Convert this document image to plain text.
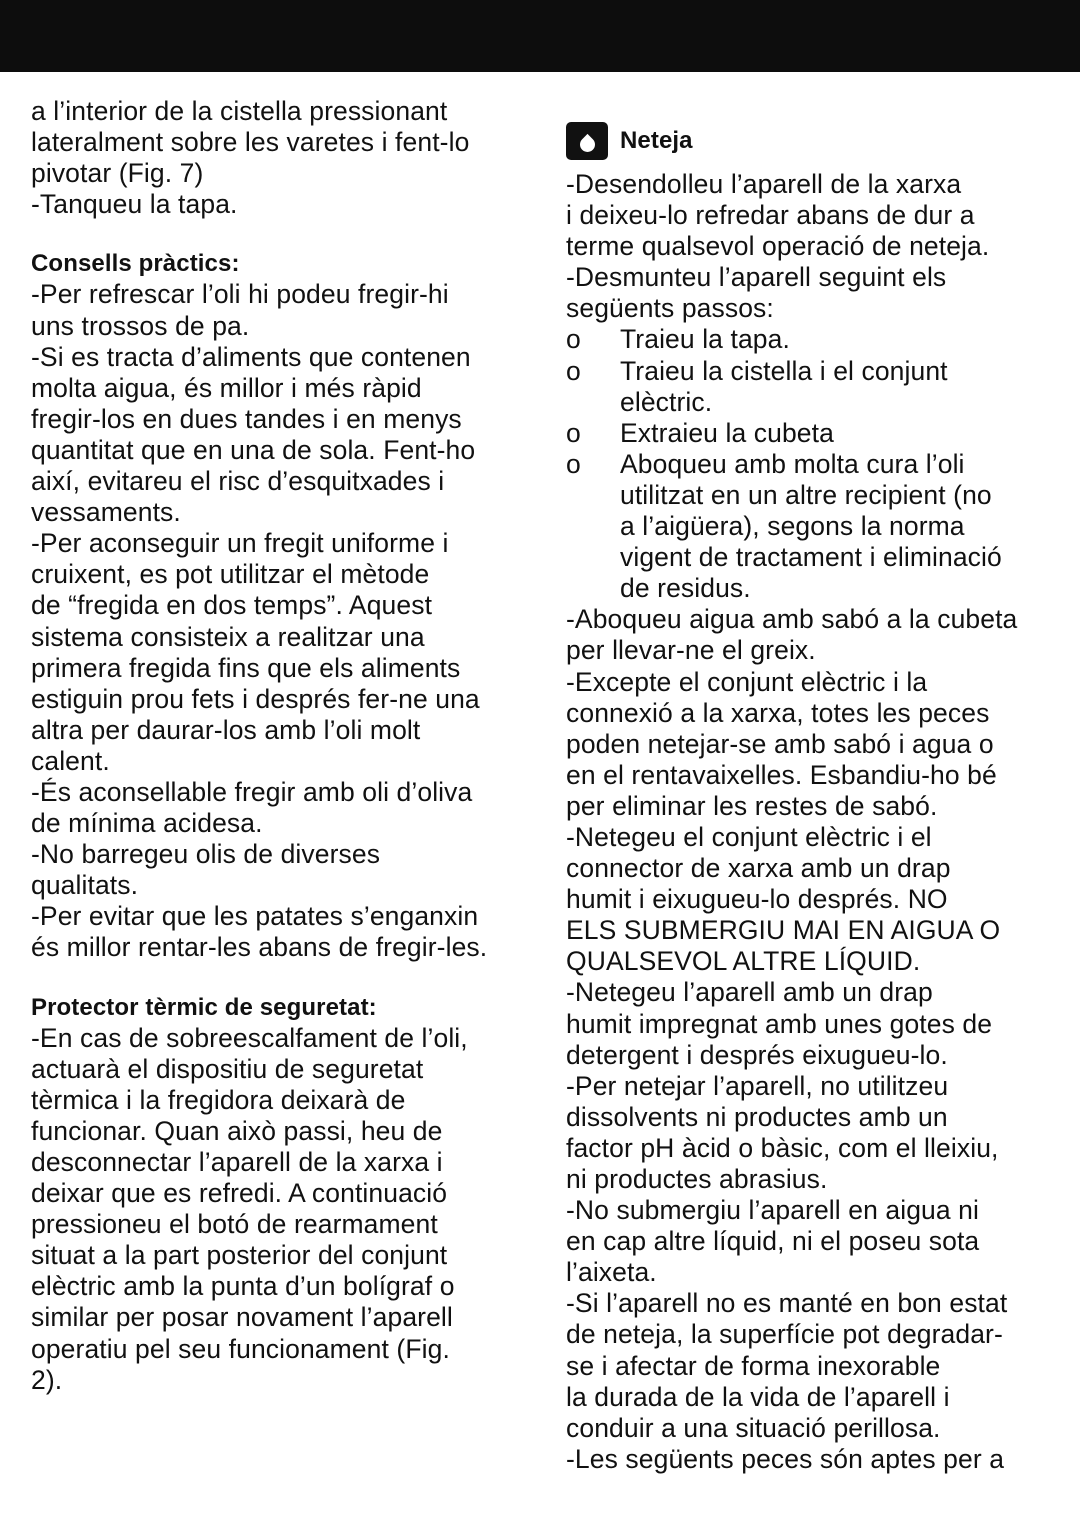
a l’interior de la cistella pressionant
lateralment sobre les varetes i fent-lo
pivotar (Fig. 7)
-Tanqueu la tapa.
Consells pràctics:
-Per refrescar l’oli hi podeu fregir-hi
uns trossos de pa.
-Si es tracta d’aliments que contenen
molta aigua, és millor i més ràpid
fregir-los en dues tandes i en menys
quantitat que en una de sola. Fent-ho
així, evitareu el risc d’esquitxades i
vessaments.
-Per aconseguir un fregit uniforme i
cruixent, es pot utilitzar el mètode
de “fregida en dos temps”. Aquest
sistema consisteix a realitzar una
primera fregida fins que els aliments
estiguin prou fets i després fer-ne una
altra per daurar-los amb l’oli molt
calent.
-És aconsellable fregir amb oli d’oliva
de mínima acidesa.
-No barregeu olis de diverses
qualitats.
-Per evitar que les patates s’enganxin
és millor rentar-les abans de fregir-les.
Protector tèrmic de seguretat:
-En cas de sobreescalfament de l’oli,
actuarà el dispositiu de seguretat
tèrmica i la fregidora deixarà de
funcionar. Quan això passi, heu de
desconnectar l’aparell de la xarxa i
deixar que es refredi. A continuació
pressioneu el botó de rearmament
situat a la part posterior del conjunt
elèctric amb la punta d’un bolígraf o
similar per posar novament l’aparell
operatiu pel seu funcionament (Fig.
2).
Neteja
-Desendolleu l’aparell de la xarxa
i deixeu-lo refredar abans de dur a
terme qualsevol operació de neteja.
-Desmunteu l’aparell seguint els
següents passos:
o	Traieu la tapa.
o	Traieu la cistella i el conjunt
elèctric.
o	Extraieu la cubeta
o	Aboqueu amb molta cura l’oli
utilitzat en un altre recipient (no
a l’aigüera), segons la norma
vigent de tractament i eliminació
de residus.
-Aboqueu aigua amb sabó a la cubeta
per llevar-ne el greix.
-Excepte el conjunt elèctric i la
connexió a la xarxa, totes les peces
poden netejar-se amb sabó i agua o
en el rentavaixelles. Esbandiu-ho bé
per eliminar les restes de sabó.
-Netegeu el conjunt elèctric i el
connector de xarxa amb un drap
humit i eixugueu-lo després. NO
ELS SUBMERGIU MAI EN AIGUA O
QUALSEVOL ALTRE LÍQUID.
-Netegeu l’aparell amb un drap
humit impregnat amb unes gotes de
detergent i després eixugueu-lo.
-Per netejar l’aparell, no utilitzeu
dissolvents ni productes amb un
factor pH àcid o bàsic, com el lleixiu,
ni productes abrasius.
-No submergiu l’aparell en aigua ni
en cap altre líquid, ni el poseu sota
l’aixeta.
-Si l’aparell no es manté en bon estat
de neteja, la superfície pot degradar-
se i afectar de forma inexorable
la durada de la vida de l’aparell i
conduir a una situació perillosa.
-Les següents peces són aptes per a
